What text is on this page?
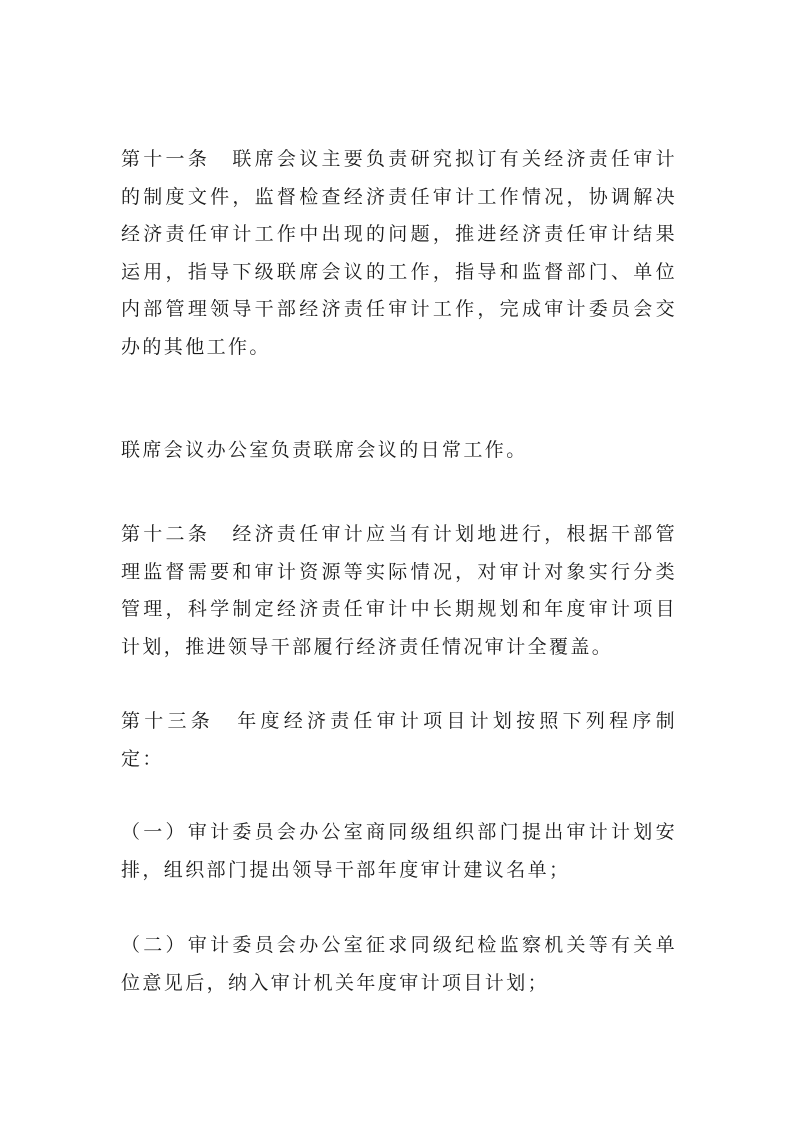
第十一条　联席会议主要负责研究拟订有关经济责任审计的制度文件，监督检查经济责任审计工作情况，协调解决经济责任审计工作中出现的问题，推进经济责任审计结果运用，指导下级联席会议的工作，指导和监督部门、单位内部管理领导干部经济责任审计工作，完成审计委员会交办的其他工作。

联席会议办公室负责联席会议的日常工作。

第十二条　经济责任审计应当有计划地进行，根据干部管理监督需要和审计资源等实际情况，对审计对象实行分类管理，科学制定经济责任审计中长期规划和年度审计项目计划，推进领导干部履行经济责任情况审计全覆盖。

第十三条　年度经济责任审计项目计划按照下列程序制定：

（一）审计委员会办公室商同级组织部门提出审计计划安排，组织部门提出领导干部年度审计建议名单；

（二）审计委员会办公室征求同级纪检监察机关等有关单位意见后，纳入审计机关年度审计项目计划；
